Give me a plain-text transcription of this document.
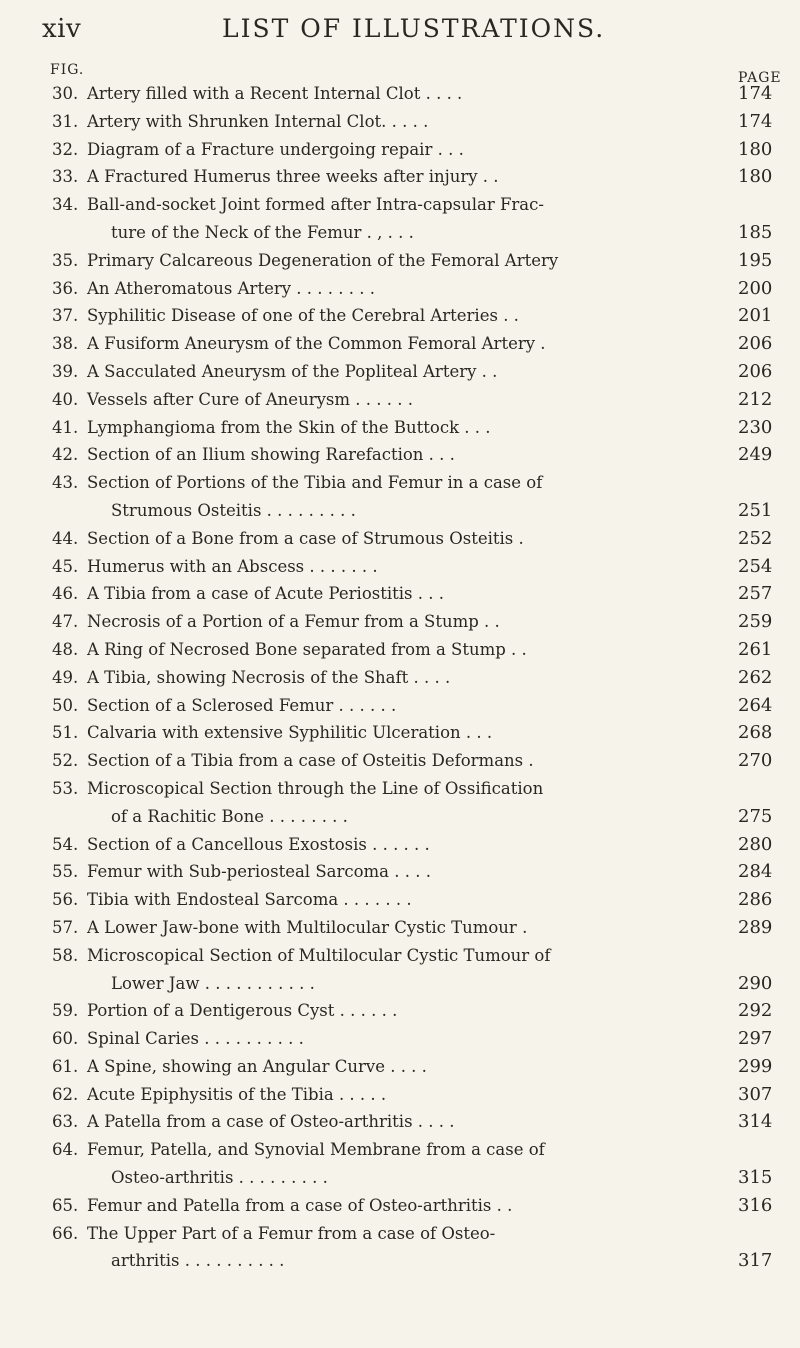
xiv	LIST OF ILLUSTRATIONS.
FIG.	PAGE
30. Artery filled with a Recent Internal Clot . . . .	174
31. Artery with Shrunken Internal Clot. . . . .	174
32. Diagram of a Fracture undergoing repair . . .	180
33. A Fractured Humerus three weeks after injury . .	180
34. Ball-and-socket Joint formed after Intra-capsular Frac-
ture of the Neck of the Femur . , . . .	185
35. Primary Calcareous Degeneration of the Femoral Artery	195
36. An Atheromatous Artery . . . . . . . .	200
37. Syphilitic Disease of one of the Cerebral Arteries . .	201
38. A Fusiform Aneurysm of the Common Femoral Artery .	206
39. A Sacculated Aneurysm of the Popliteal Artery . .	206
40. Vessels after Cure of Aneurysm . . . . . .	212
41. Lymphangioma from the Skin of the Buttock . . .	230
42. Section of an Ilium showing Rarefaction . . .	249
43. Section of Portions of the Tibia and Femur in a case of
Strumous Osteitis . . . . . . . . .	251
44. Section of a Bone from a case of Strumous Osteitis .	252
45. Humerus with an Abscess . . . . . . .	254
46. A Tibia from a case of Acute Periostitis . . .	257
47. Necrosis of a Portion of a Femur from a Stump . .	259
48. A Ring of Necrosed Bone separated from a Stump . .	261
49. A Tibia, showing Necrosis of the Shaft . . . .	262
50. Section of a Sclerosed Femur . . . . . .	264
51. Calvaria with extensive Syphilitic Ulceration . . .	268
52. Section of a Tibia from a case of Osteitis Deformans .	270
53. Microscopical Section through the Line of Ossification
of a Rachitic Bone . . . . . . . .	275
54. Section of a Cancellous Exostosis . . . . . .	280
55. Femur with Sub-periosteal Sarcoma . . . .	284
56. Tibia with Endosteal Sarcoma . . . . . . .	286
57. A Lower Jaw-bone with Multilocular Cystic Tumour .	289
58. Microscopical Section of Multilocular Cystic Tumour of
Lower Jaw . . . . . . . . . . .	290
59. Portion of a Dentigerous Cyst . . . . . .	292
60. Spinal Caries . . . . . . . . . .	297
61. A Spine, showing an Angular Curve . . . .	299
62. Acute Epiphysitis of the Tibia . . . . .	307
63. A Patella from a case of Osteo-arthritis . . . .	314
64. Femur, Patella, and Synovial Membrane from a case of
Osteo-arthritis . . . . . . . . .	315
65. Femur and Patella from a case of Osteo-arthritis . .	316
66. The Upper Part of a Femur from a case of Osteo-
arthritis . . . . . . . . . .	317
